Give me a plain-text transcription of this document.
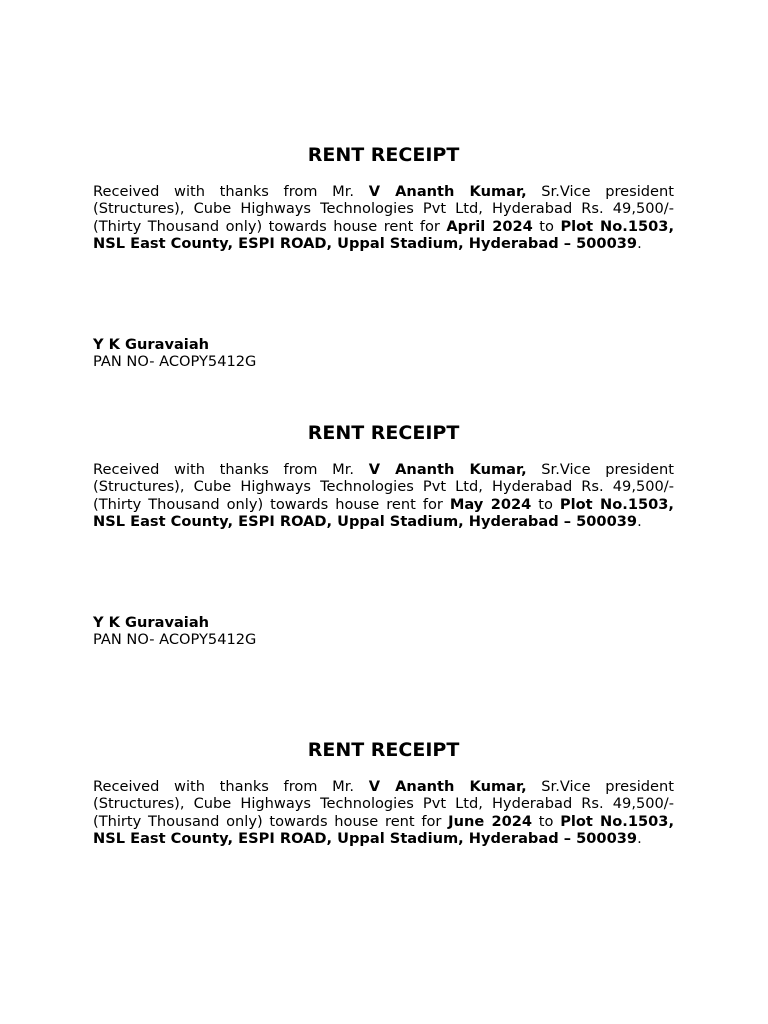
RENT RECEIPT

Received with thanks from Mr. V Ananth Kumar, Sr.Vice president (Structures), Cube Highways Technologies Pvt Ltd, Hyderabad Rs. 49,500/- (Thirty Thousand only) towards house rent for April 2024 to Plot No.1503, NSL East County, ESPI ROAD, Uppal Stadium, Hyderabad – 500039.

Y K Guravaiah
PAN NO- ACOPY5412G
RENT RECEIPT

Received with thanks from Mr. V Ananth Kumar, Sr.Vice president (Structures), Cube Highways Technologies Pvt Ltd, Hyderabad Rs. 49,500/- (Thirty Thousand only) towards house rent for May 2024 to Plot No.1503, NSL East County, ESPI ROAD, Uppal Stadium, Hyderabad – 500039.

Y K Guravaiah
PAN NO- ACOPY5412G
RENT RECEIPT

Received with thanks from Mr. V Ananth Kumar, Sr.Vice president (Structures), Cube Highways Technologies Pvt Ltd, Hyderabad Rs. 49,500/- (Thirty Thousand only) towards house rent for June 2024 to Plot No.1503, NSL East County, ESPI ROAD, Uppal Stadium, Hyderabad – 500039.
